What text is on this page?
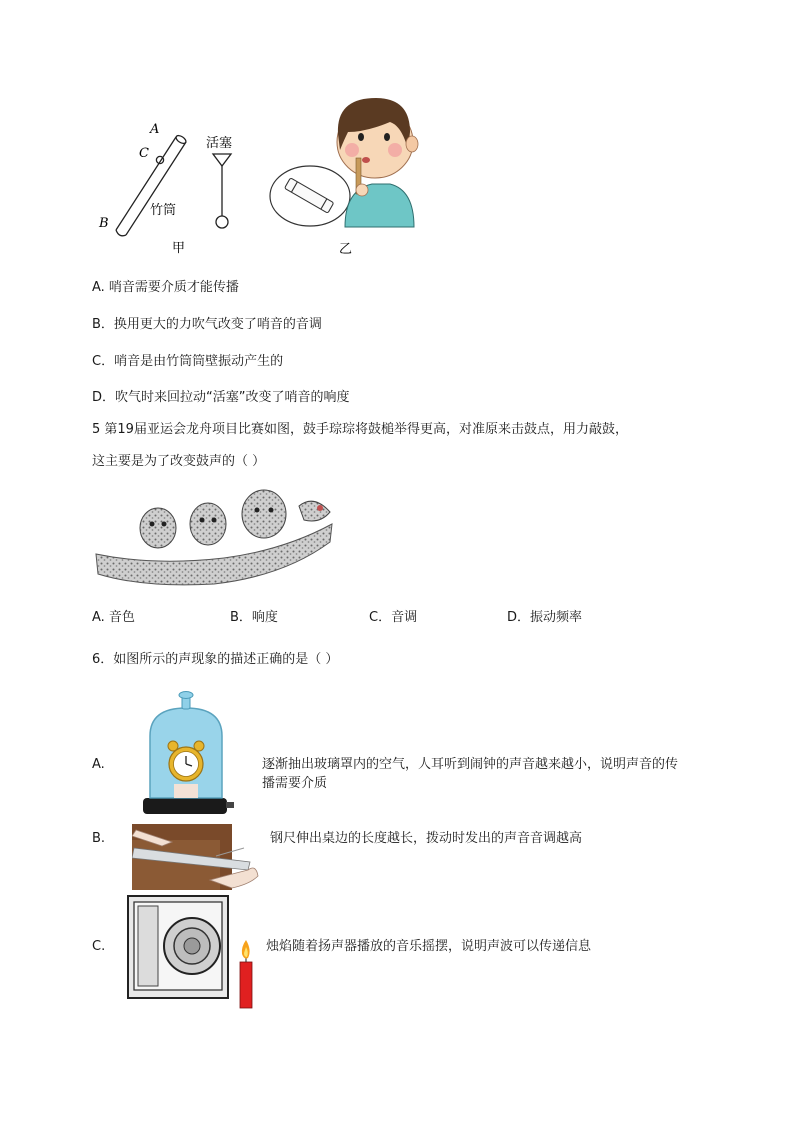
A
C
B
竹筒
活塞
甲	乙
A. 哨音需要介质才能传播
B．换用更大的力吹气改变了哨音的音调
C．哨音是由竹筒筒壁振动产生的
D．吹气时来回拉动“活塞”改变了哨音的响度
5 第19届亚运会龙舟项目比赛如图，鼓手琮琮将鼓槌举得更高，对准原来击鼓点，用力敲鼓，
这主要是为了改变鼓声的（ ）
A. 音色	B．响度	C．音调	D．振动频率
6．如图所示的声现象的描述正确的是（ ）
A.	逐渐抽出玻璃罩内的空气，人耳听到闹钟的声音越来越小，说明声音的传
播需要介质
B.	钢尺伸出桌边的长度越长，拨动时发出的声音音调越高
C.	烛焰随着扬声器播放的音乐摇摆，说明声波可以传递信息
